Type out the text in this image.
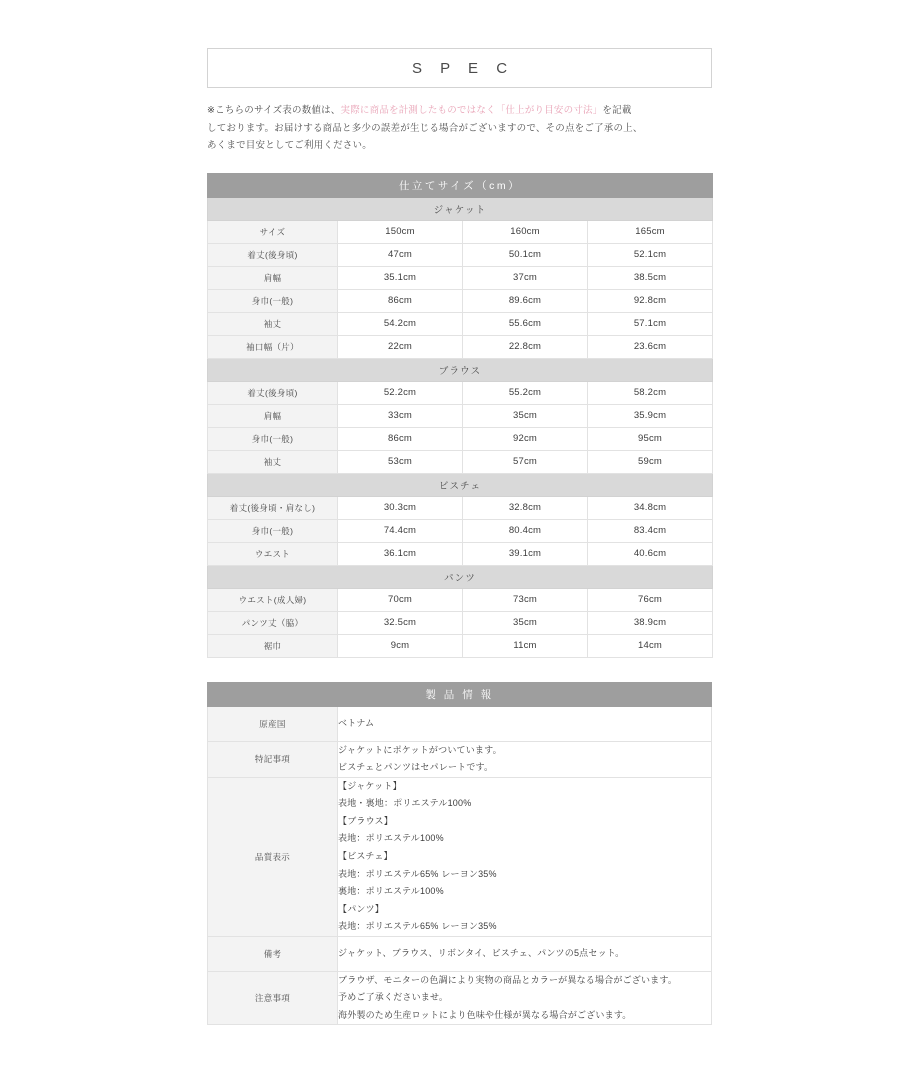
S P E C

※こちらのサイズ表の数値は、実際に商品を計測したものではなく「仕上がり目安の寸法」を記載
しております。お届けする商品と多少の誤差が生じる場合がございますので、その点をご了承の上、
あくまで目安としてご利用ください。

仕立てサイズ（cm）			
ジャケット			
サイズ	150cm	160cm	165cm
着丈(後身頃)	47cm	50.1cm	52.1cm
肩幅	35.1cm	37cm	38.5cm
身巾(一般)	86cm	89.6cm	92.8cm
袖丈	54.2cm	55.6cm	57.1cm
袖口幅（片）	22cm	22.8cm	23.6cm
ブラウス			
着丈(後身頃)	52.2cm	55.2cm	58.2cm
肩幅	33cm	35cm	35.9cm
身巾(一般)	86cm	92cm	95cm
袖丈	53cm	57cm	59cm
ビスチェ			
着丈(後身頃・肩なし)	30.3cm	32.8cm	34.8cm
身巾(一般)	74.4cm	80.4cm	83.4cm
ウエスト	36.1cm	39.1cm	40.6cm
パンツ			
ウエスト(成人婦)	70cm	73cm	76cm
パンツ丈（脇）	32.5cm	35cm	38.9cm
裾巾	9cm	11cm	14cm
製 品 情 報	
原産国	ベトナム

特記事項	ジャケットにポケットがついています。
ビスチェとパンツはセパレートです。

品質表示	
【ジャケット】
表地・裏地：ポリエステル100%
【ブラウス】
表地：ポリエステル100%
【ビスチェ】
表地：ポリエステル65% レーヨン35%
裏地：ポリエステル100%
【パンツ】
表地：ポリエステル65% レーヨン35%

備考	ジャケット、ブラウス、リボンタイ、ビスチェ、パンツの5点セット。

注意事項	ブラウザ、モニターの色調により実物の商品とカラーが異なる場合がございます。
予めご了承くださいませ。
海外製のため生産ロットにより色味や仕様が異なる場合がございます。
